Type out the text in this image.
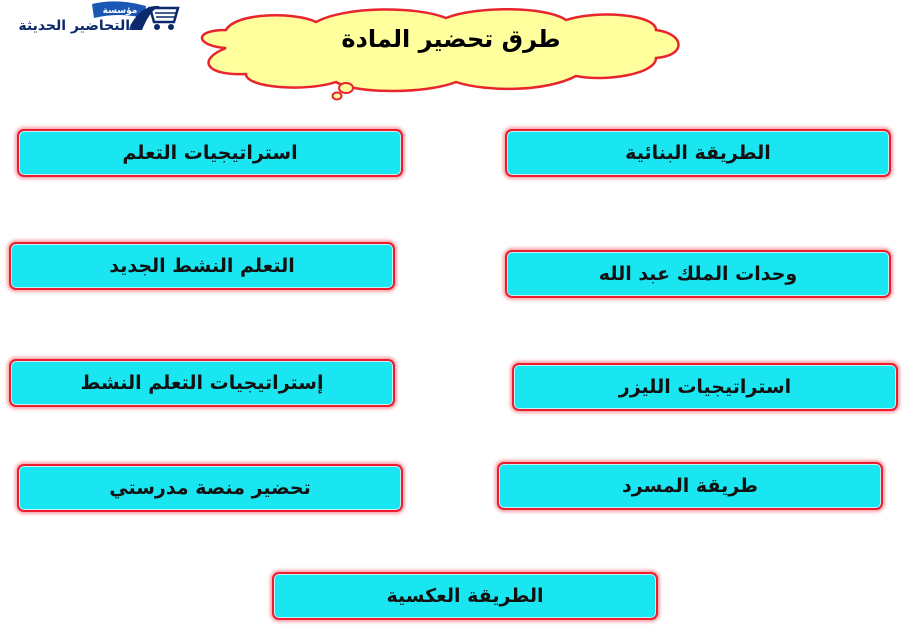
مؤسسة
التحاضير الحديثة	طرق تحضير المادة
الطريقة البنائية
استراتيجيات التعلم
التعلم النشط الجديد	وحدات الملك عبد الله
إستراتيجيات التعلم النشط	استراتيجيات الليزر
تحضير منصة مدرستي	طريقة المسرد
الطريقة العكسية
